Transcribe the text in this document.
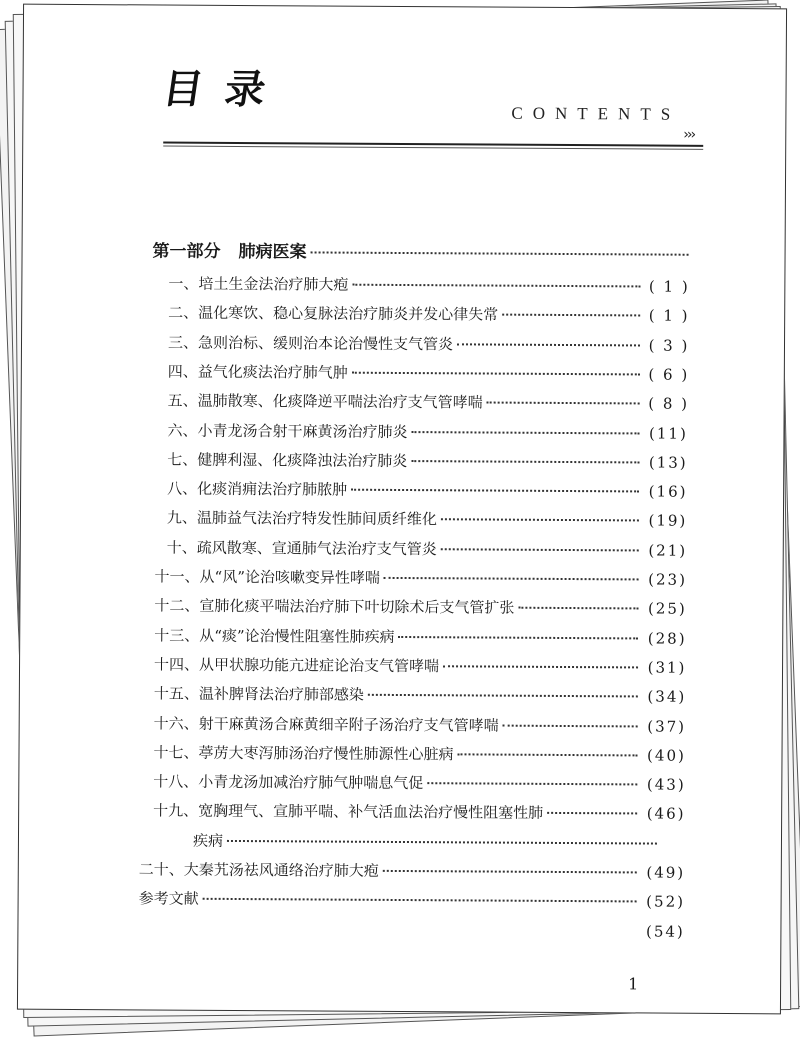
目录
CONTENTS
›››
第一部分 肺病医案
一、培土生金法治疗肺大疱	( 1 )
二、温化寒饮、稳心复脉法治疗肺炎并发心律失常	( 1 )
三、急则治标、缓则治本论治慢性支气管炎	( 3 )
四、益气化痰法治疗肺气肿	( 6 )
五、温肺散寒、化痰降逆平喘法治疗支气管哮喘	( 8 )
六、小青龙汤合射干麻黄汤治疗肺炎	(11)
七、健脾利湿、化痰降浊法治疗肺炎	(13)
八、化痰消痈法治疗肺脓肿	(16)
九、温肺益气法治疗特发性肺间质纤维化	(19)
十、疏风散寒、宣通肺气法治疗支气管炎	(21)
十一、从“风”论治咳嗽变异性哮喘	(23)
十二、宣肺化痰平喘法治疗肺下叶切除术后支气管扩张	(25)
十三、从“痰”论治慢性阻塞性肺疾病	(28)
十四、从甲状腺功能亢进症论治支气管哮喘	(31)
十五、温补脾肾法治疗肺部感染	(34)
十六、射干麻黄汤合麻黄细辛附子汤治疗支气管哮喘	(37)
十七、葶苈大枣泻肺汤治疗慢性肺源性心脏病	(40)
十八、小青龙汤加减治疗肺气肿喘息气促	(43)
十九、宽胸理气、宣肺平喘、补气活血法治疗慢性阻塞性肺	(46)
疾病
二十、大秦艽汤祛风通络治疗肺大疱	(49)
参考文献	(52)
(54)
1
